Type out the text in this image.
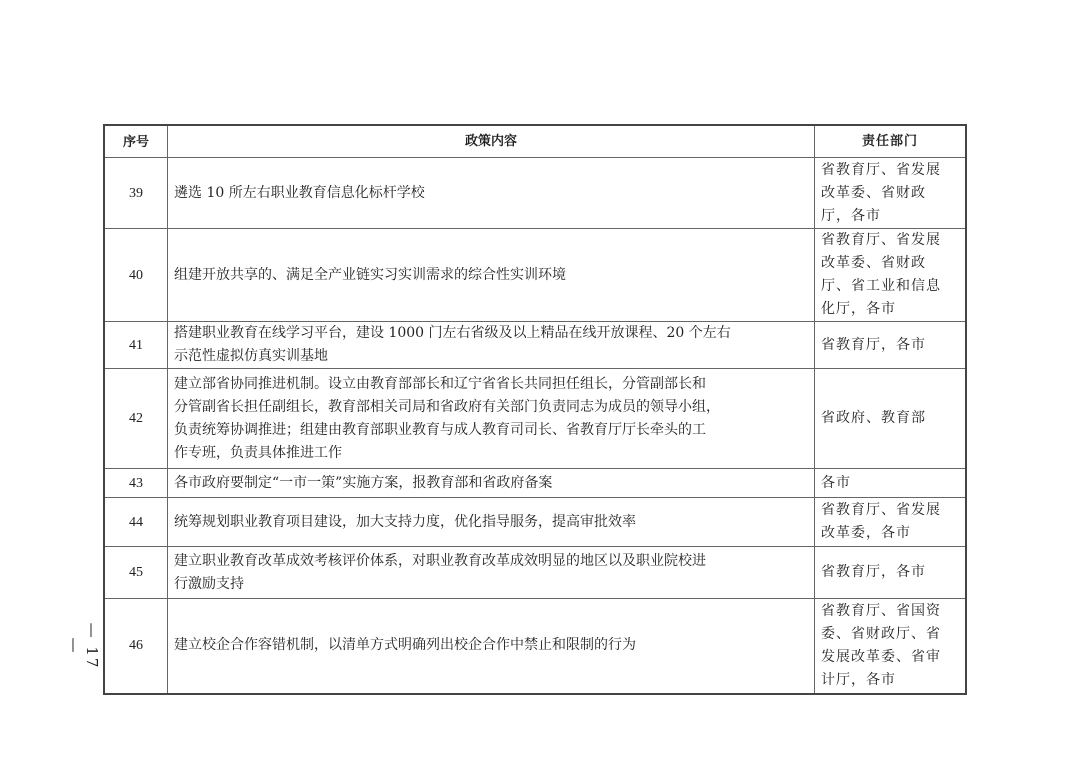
序号	政策内容	责任部门
39	遴选 10 所左右职业教育信息化标杆学校	省教育厅、省发展
改革委、省财政
厅，各市
40	组建开放共享的、满足全产业链实习实训需求的综合性实训环境	省教育厅、省发展
改革委、省财政
厅、省工业和信息
化厅，各市
41	搭建职业教育在线学习平台，建设 1000 门左右省级及以上精品在线开放课程、20 个左右
示范性虚拟仿真实训基地	省教育厅，各市
42	建立部省协同推进机制。设立由教育部部长和辽宁省省长共同担任组长，分管副部长和
分管副省长担任副组长，教育部相关司局和省政府有关部门负责同志为成员的领导小组，
负责统筹协调推进；组建由教育部职业教育与成人教育司司长、省教育厅厅长牵头的工
作专班，负责具体推进工作	省政府、教育部
43	各市政府要制定“一市一策”实施方案，报教育部和省政府备案	各市
44	统筹规划职业教育项目建设，加大支持力度，优化指导服务，提高审批效率	省教育厅、省发展
改革委，各市
45	建立职业教育改革成效考核评价体系，对职业教育改革成效明显的地区以及职业院校进
行激励支持	省教育厅，各市
46	建立校企合作容错机制，以清单方式明确列出校企合作中禁止和限制的行为	省教育厅、省国资
委、省财政厅、省
发展改革委、省审
计厅，各市
— 17 —
